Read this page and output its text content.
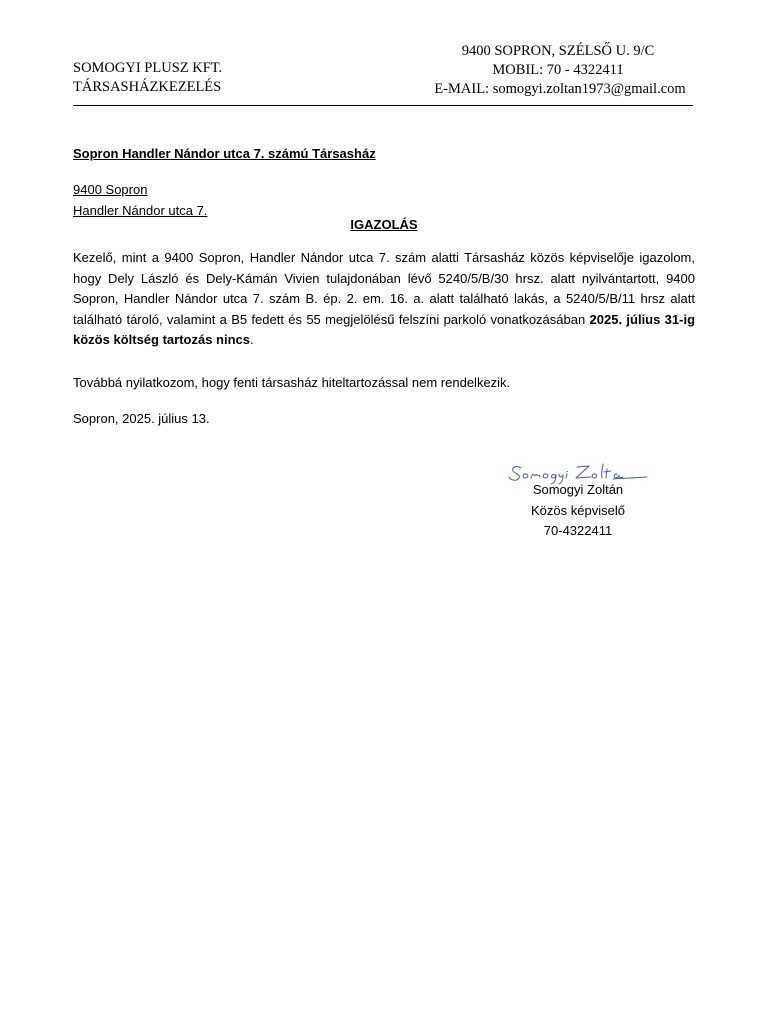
9400 SOPRON, SZÉLSŐ U. 9/C
MOBIL: 70 - 4322411
E-MAIL: somogyi.zoltan1973@gmail.com
SOMOGYI PLUSZ KFT.
TÁRSASHÁZKEZELÉS
Sopron Handler Nándor utca 7. számú Társasház
9400 Sopron
Handler Nándor utca 7.
IGAZOLÁS

Kezelő, mint a 9400 Sopron, Handler Nándor utca 7. szám alatti Társasház közös képviselője igazolom, hogy Dely László és Dely-Kámán Vivien tulajdonában lévő 5240/5/B/30 hrsz. alatt nyilvántartott, 9400 Sopron, Handler Nándor utca 7. szám B. ép. 2. em. 16. a. alatt található lakás, a 5240/5/B/11 hrsz alatt található tároló, valamint a B5 fedett és 55 megjelölésű felszíni parkoló vonatkozásában 2025. július 31-ig közös költség tartozás nincs.

Továbbá nyilatkozom, hogy fenti társasház hiteltartozással nem rendelkezik.

Sopron, 2025. július 13.

Somogyi Zoltán
Közös képviselő
70-4322411
